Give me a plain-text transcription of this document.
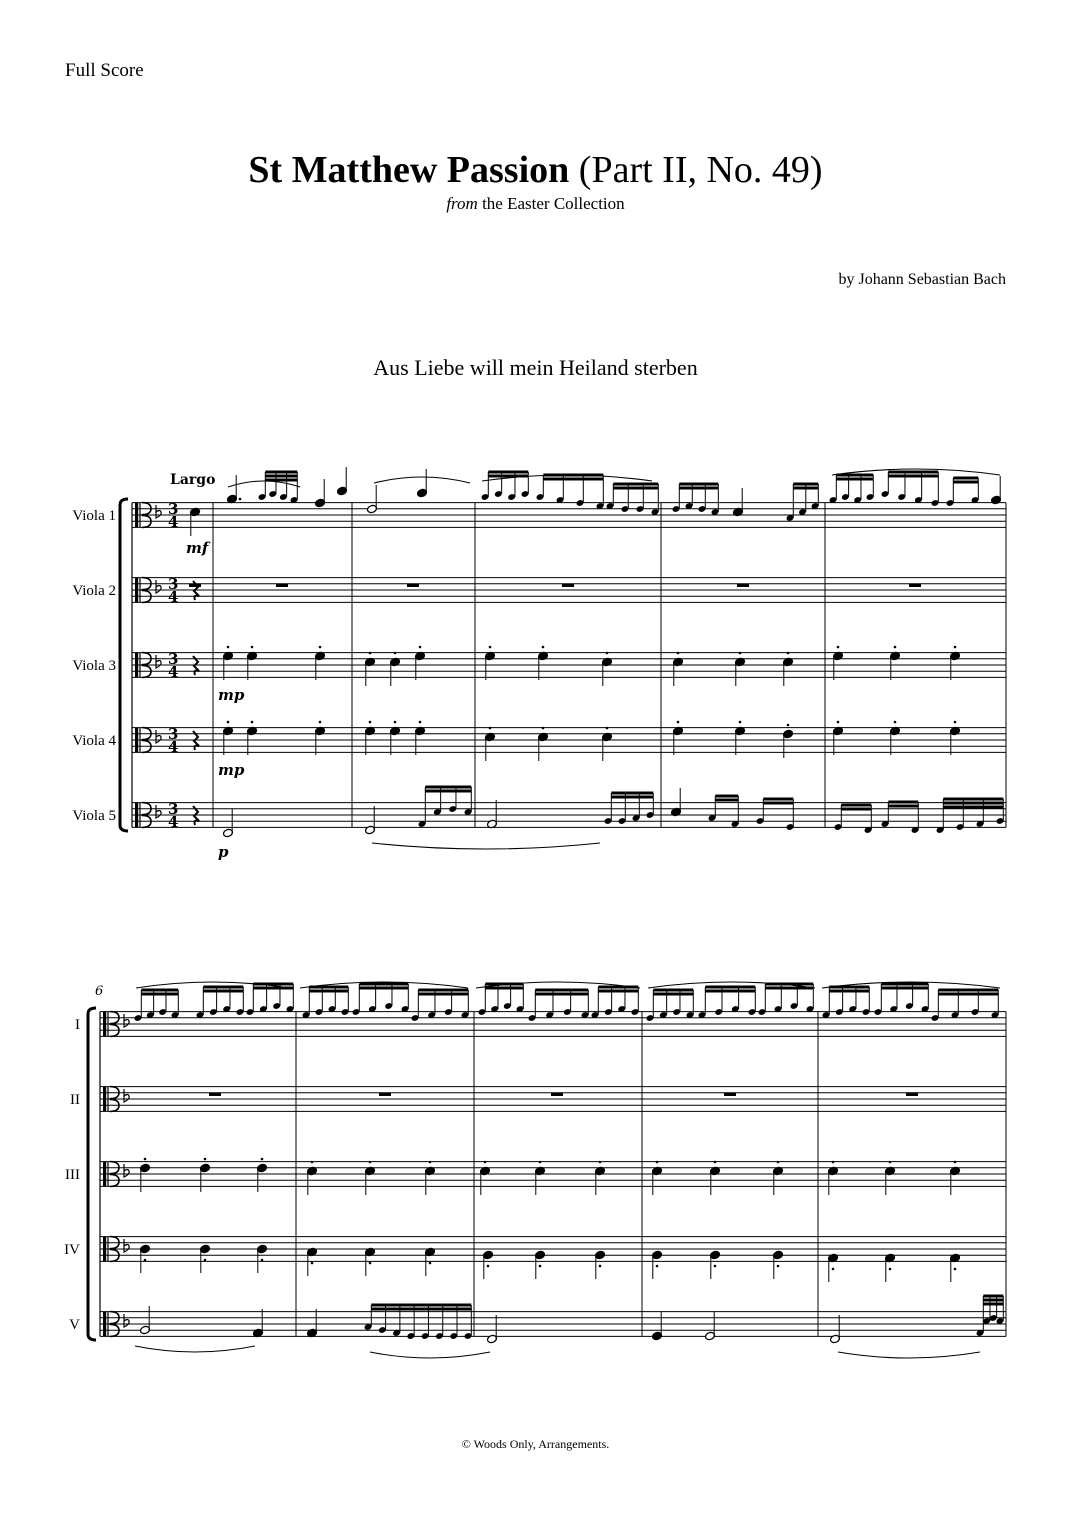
Full Score
St Matthew Passion (Part II, No. 49)
from the Easter Collection
by Johann Sebastian Bach
Aus Liebe will mein Heiland sterben
Viola 1	3
4
Viola 2	3
4
Viola 3	3
4
Viola 4	3
4
Viola 5	3
4
Largo
mf
mp
mp
p
6
I
II
III
IV
V
© Woods Only, Arrangements.
